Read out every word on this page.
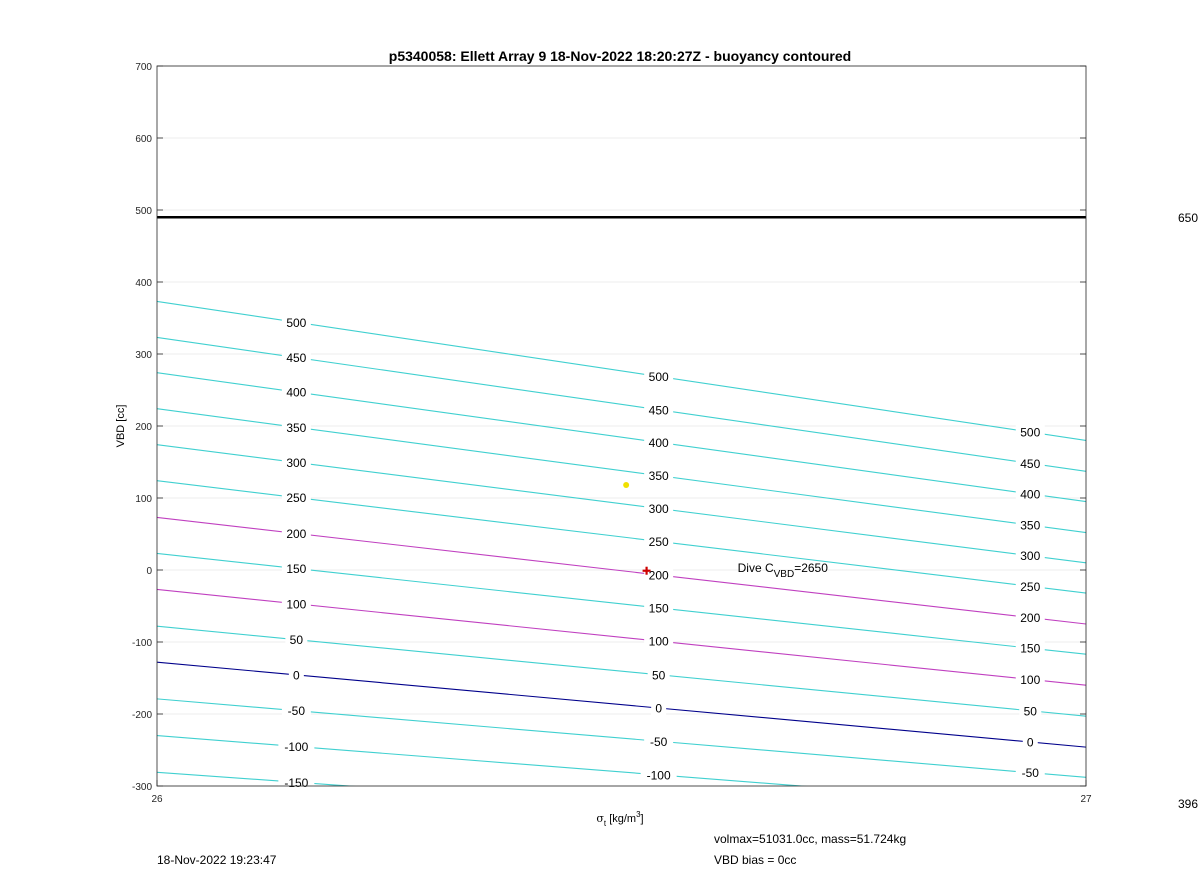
-150
-100
-100
-50
-50
-50
0
0
0
50
50
50
100
100
100
150
150
150
200
200
200
250
250
250
300
300
300
350
350
350
400
400
400
450
450
450
500
500
500
700
600
500
400
300
200
100
0
-100
-200
-300
26	27
p5340058: Ellett Array 9 18-Nov-2022 18:20:27Z - buoyancy contoured
VBD [cc]
$\sigma_t$ $[kg/m^3]$
Dive $C_{VBD}=2650$
650
396
volmax=51031.0cc, mass=51.724kg
VBD bias = 0cc
18-Nov-2022 19:23:47
